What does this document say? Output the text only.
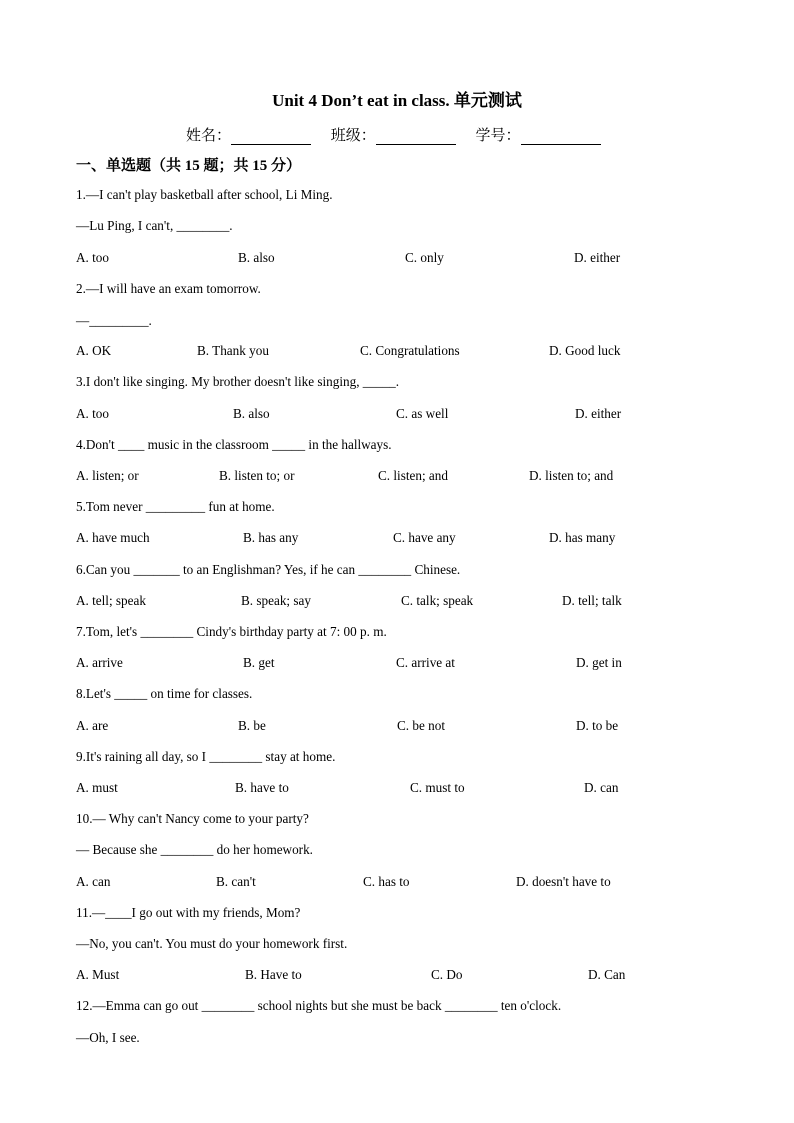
Unit 4 Don’t eat in class. 单元测试
姓名：	班级：	学号：
一、单选题（共 15 题；共 15 分）
1.—I can't play basketball after school, Li Ming.
—Lu Ping, I can't, ________.
A. too	B. also	C. only	D. either
2.—I will have an exam tomorrow.
—_________.
A. OK	B. Thank you	C. Congratulations	D. Good luck
3.I don't like singing. My brother doesn't like singing, _____.
A. too	B. also	C. as well	D. either
4.Don't ____ music in the classroom _____ in the hallways.
A. listen; or	B. listen to; or	C. listen; and	D. listen to; and
5.Tom never _________ fun at home.
A. have much	B. has any	C. have any	D. has many
6.Can you _______ to an Englishman? Yes, if he can ________ Chinese.
A. tell; speak	B. speak; say	C. talk; speak	D. tell; talk
7.Tom, let's ________ Cindy's birthday party at 7: 00 p. m.
A. arrive	B. get	C. arrive at	D. get in
8.Let's _____ on time for classes.
A. are	B. be	C. be not	D. to be
9.It's raining all day, so I ________ stay at home.
A. must	B. have to	C. must to	D. can
10.— Why can't Nancy come to your party?
— Because she ________ do her homework.
A. can	B. can't	C. has to	D. doesn't have to
11.—____I go out with my friends, Mom?
—No, you can't. You must do your homework first.
A. Must	B. Have to	C. Do	D. Can
12.—Emma can go out ________ school nights but she must be back ________ ten o'clock.
—Oh, I see.
